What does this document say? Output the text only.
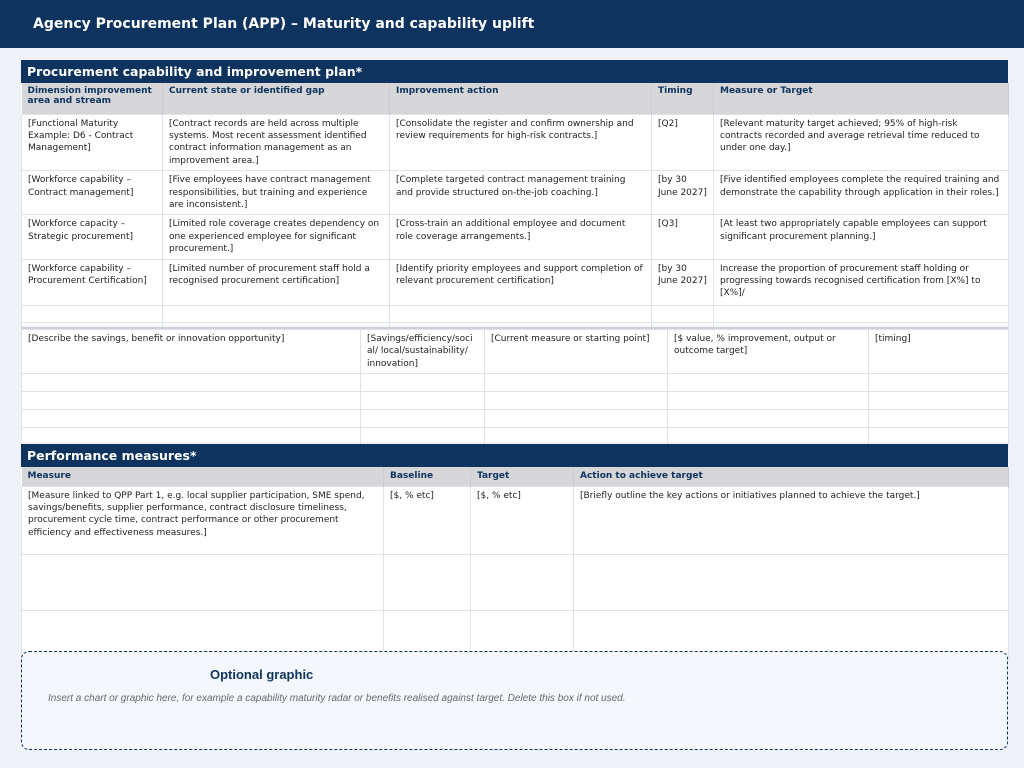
Agency Procurement Plan (APP) – Maturity and capability uplift
Procurement capability and improvement plan*
Dimension improvement area and stream	Current state or identified gap	Improvement action	Timing	Measure or Target
[Functional Maturity Example: D6 - Contract Management]	[Contract records are held across multiple systems. Most recent assessment identified contract information management as an improvement area.]	[Consolidate the register and confirm ownership and review requirements for high-risk contracts.]	[Q2]	[Relevant maturity target achieved; 95% of high-risk contracts recorded and average retrieval time reduced to under one day.]
[Workforce capability – Contract management]	[Five employees have contract management responsibilities, but training and experience are inconsistent.]	[Complete targeted contract management training and provide structured on-the-job coaching.]	[by 30 June 2027]	[Five identified employees complete the required training and demonstrate the capability through application in their roles.]
[Workforce capacity – Strategic procurement]	[Limited role coverage creates dependency on one experienced employee for significant procurement.]	[Cross-train an additional employee and document role coverage arrangements.]	[Q3]	[At least two appropriately capable employees can support significant procurement planning.]
[Workforce capability – Procurement Certification]	[Limited number of procurement staff hold a recognised procurement certification]	[Identify priority employees and support completion of relevant procurement certification]	[by 30 June 2027]	Increase the proportion of procurement staff holding or progressing towards recognised certification from [X%] to [X%]/

[Describe the savings, benefit or innovation opportunity]	[Savings/efficiency/social/ local/sustainability/ innovation]	[Current measure or starting point]	[$ value, % improvement, output or outcome target]	[timing]

Performance measures*
Measure	Baseline	Target	Action to achieve target
[Measure linked to QPP Part 1, e.g. local supplier participation, SME spend, savings/benefits, supplier performance, contract disclosure timeliness, procurement cycle time, contract performance or other procurement efficiency and effectiveness measures.]	[$, % etc]	[$, % etc]	[Briefly outline the key actions or initiatives planned to achieve the target.]

Optional graphic
Insert a chart or graphic here, for example a capability maturity radar or benefits realised against target. Delete this box if not used.
